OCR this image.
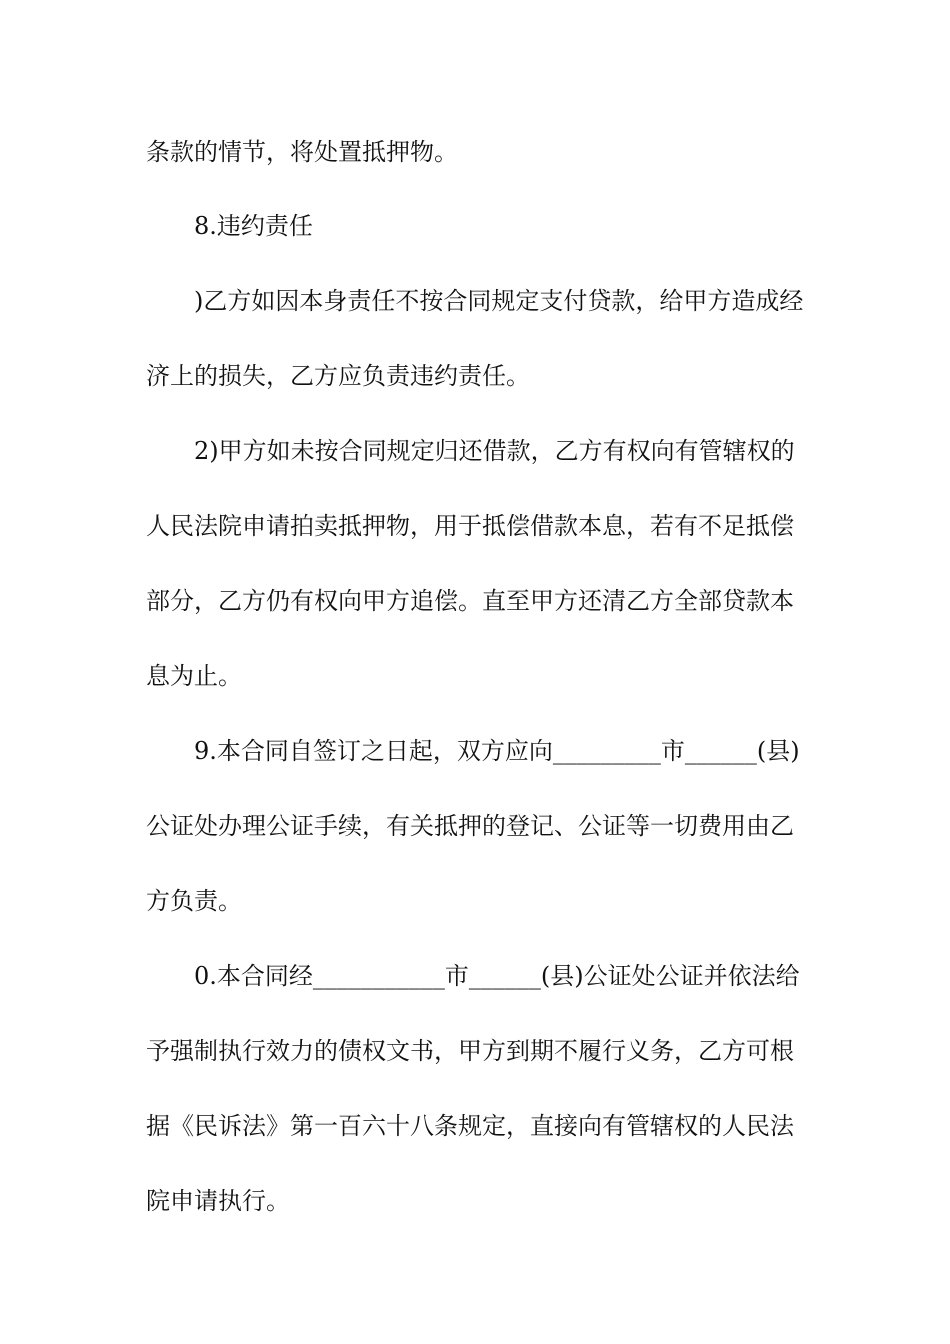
条款的情节，将处置抵押物。
8.违约责任
)乙方如因本身责任不按合同规定支付贷款，给甲方造成经
济上的损失，乙方应负责违约责任。
2)甲方如未按合同规定归还借款，乙方有权向有管辖权的
人民法院申请拍卖抵押物，用于抵偿借款本息，若有不足抵偿
部分，乙方仍有权向甲方追偿。直至甲方还清乙方全部贷款本
息为止。
9.本合同自签订之日起，双方应向_________市______(县)
公证处办理公证手续，有关抵押的登记、公证等一切费用由乙
方负责。
0.本合同经___________市______(县)公证处公证并依法给
予强制执行效力的债权文书，甲方到期不履行义务，乙方可根
据《民诉法》第一百六十八条规定，直接向有管辖权的人民法
院申请执行。
